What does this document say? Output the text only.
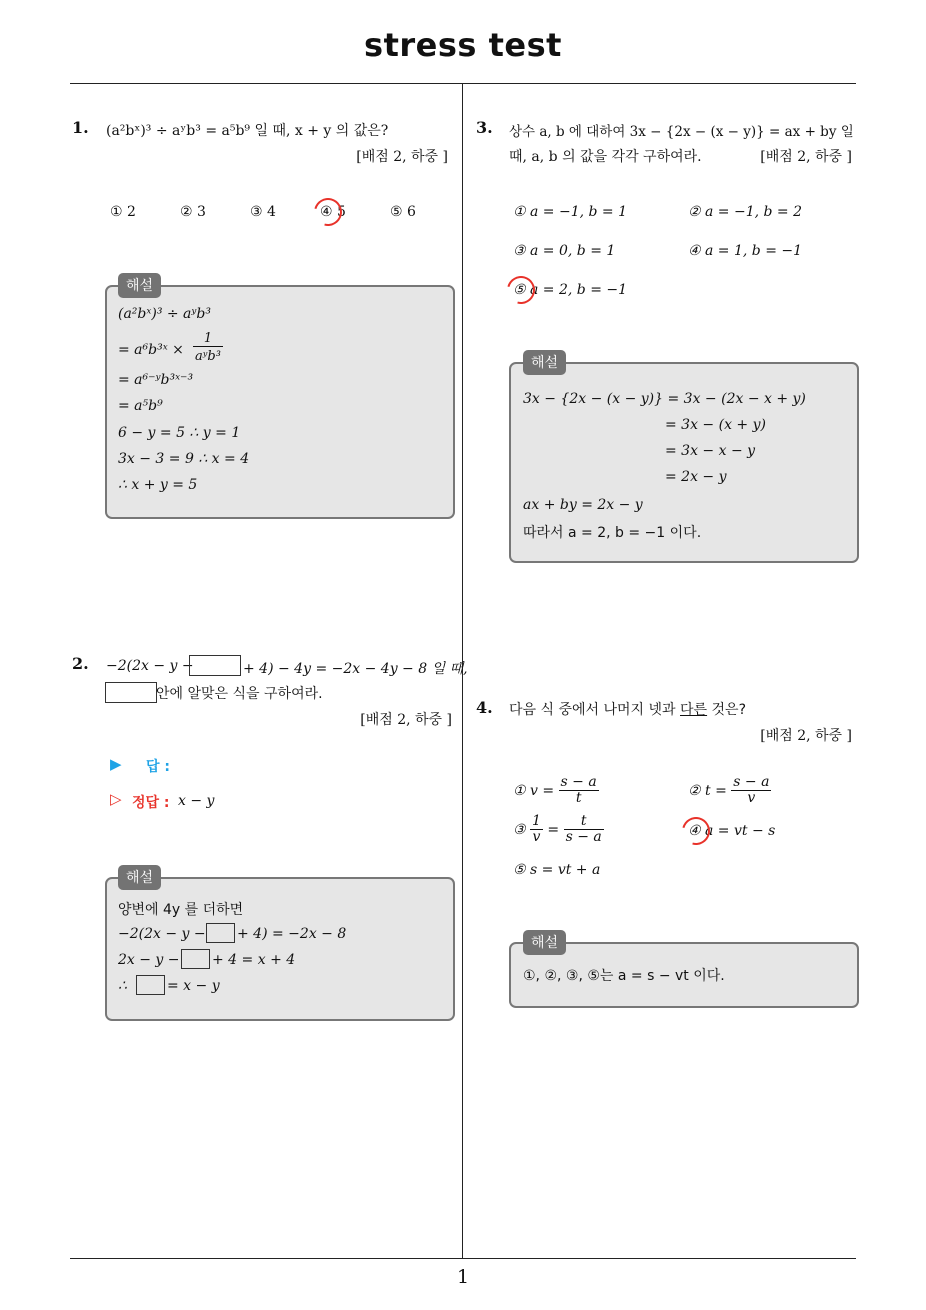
stress test
1
1. (a²bˣ)³ ÷ aʸb³ = a⁵b⁹ 일 때, x + y 의 값은?
[배점 2, 하중 ]
① 2	② 3	③ 4	④ 5	⑤ 6
해설
(a²bˣ)³ ÷ aʸb³
= a⁶b³ˣ ×
1
aʸb³
= a⁶⁻ʸb³ˣ⁻³
= a⁵b⁹
6 − y = 5 ∴ y = 1
3x − 3 = 9 ∴ x = 4
∴ x + y = 5
2. −2(2x − y −	+ 4) − 4y = −2x − 4y − 8 일 때,
안에 알맞은 식을 구하여라.
[배점 2, 하중 ]
▶ 답 :
▷ 정답 : x − y
해설
양변에 4y 를 더하면
−2(2x − y − + 4) = −2x − 8
2x − y − + 4 = x + 4
∴	= x − y
3. 상수 a, b 에 대하여 3x − {2x − (x − y)} = ax + by 일
때, a, b 의 값을 각각 구하여라.	[배점 2, 하중 ]
① a = −1, b = 1	② a = −1, b = 2
③ a = 0, b = 1	④ a = 1, b = −1
⑤ a = 2, b = −1
해설
3x − {2x − (x − y)} = 3x − (2x − x + y)
= 3x − (x + y)
= 3x − x − y
= 2x − y
ax + by = 2x − y
따라서 a = 2, b = −1 이다.
4. 다음 식 중에서 나머지 넷과 다른 것은?
[배점 2, 하중 ]
① $v = \frac{s - a}{t}$	② $t = \frac{s - a}{v}$
③ $\frac{1}{v} = \frac{t}{s - a}$	④ a = vt − s
⑤ s = vt + a
해설
①, ②, ③, ⑤는 a = s − vt 이다.
